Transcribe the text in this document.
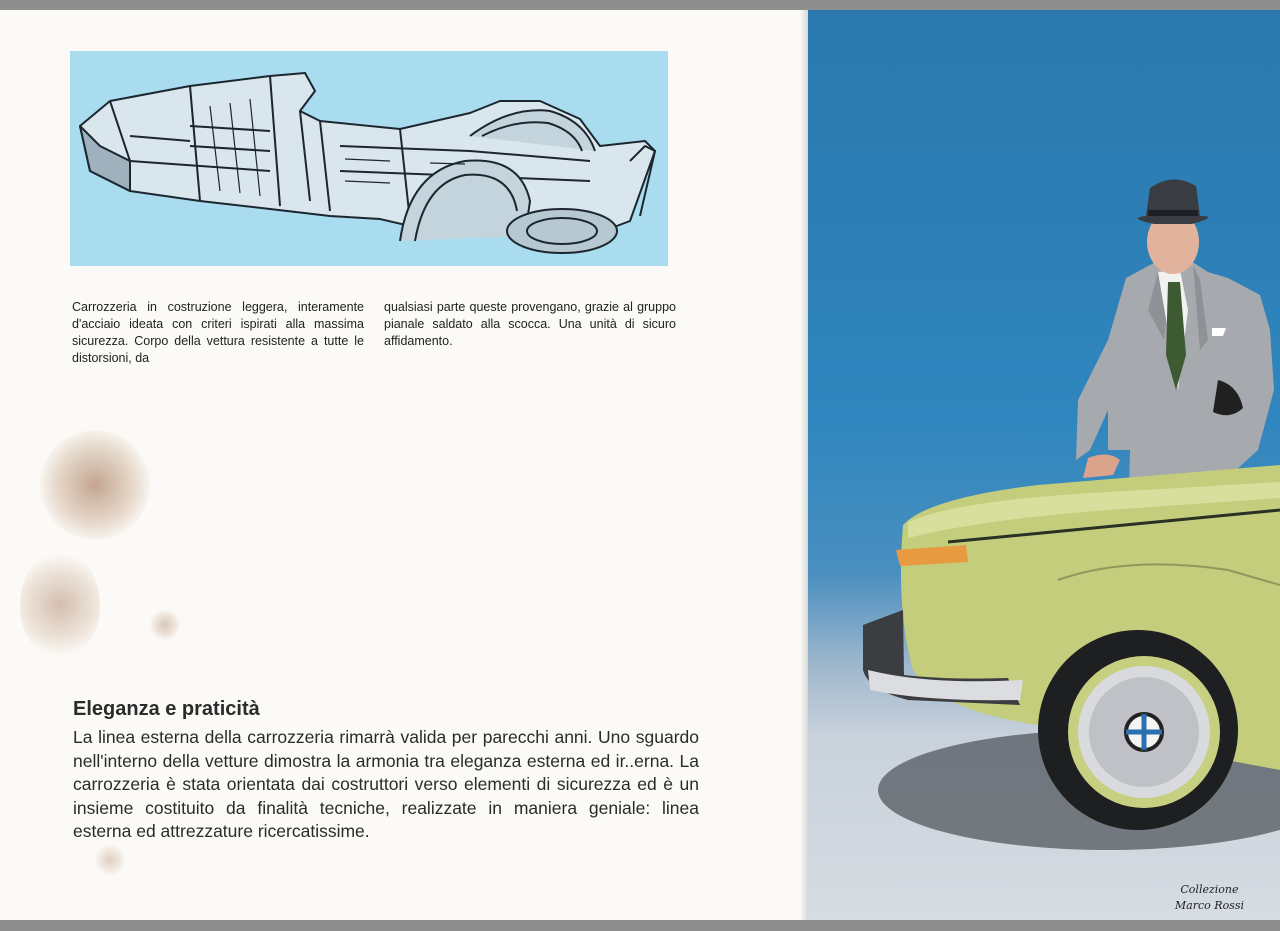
Carrozzeria in costruzione leggera, interamente d'acciaio ideata con criteri ispirati alla massima sicurezza. Corpo della vettura resistente a tutte le distorsioni, da

qualsiasi parte queste provengano, grazie al gruppo pianale saldato alla scocca. Una unità di sicuro affidamento.

Eleganza e praticità

La linea esterna della carrozzeria rimarrà valida per parecchi anni. Uno sguardo nell'interno della vetture dimostra la armonia tra eleganza esterna ed ir..erna. La carrozzeria è stata orientata dai costruttori verso elementi di sicurezza ed è un insieme costituito da finalità tecniche, realizzate in maniera geniale: linea esterna ed attrezzature ricercatissime.

Collezione
Marco Rossi
